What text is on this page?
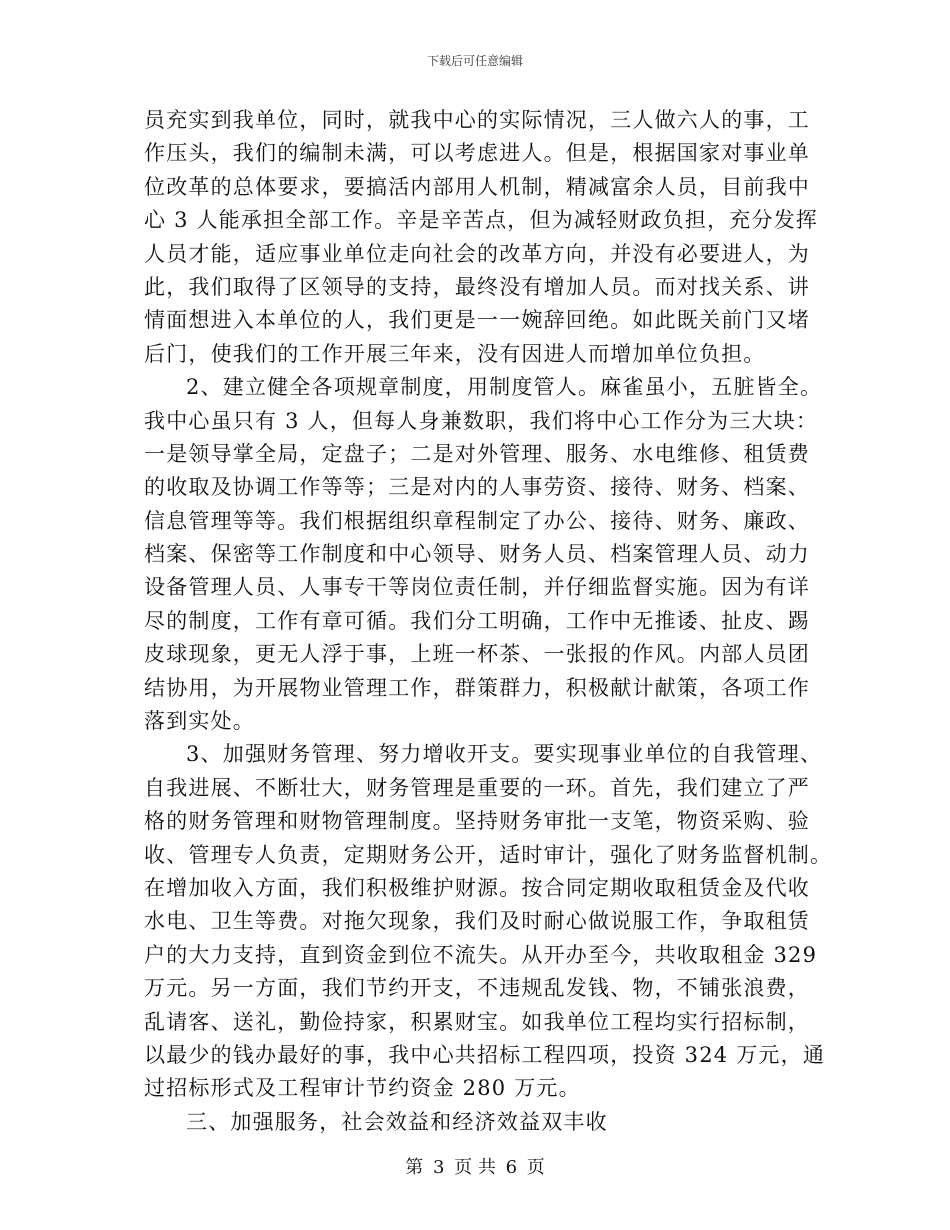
下载后可任意编辑
员充实到我单位，同时，就我中心的实际情况，三人做六人的事，工
作压头，我们的编制未满，可以考虑进人。但是，根据国家对事业单
位改革的总体要求，要搞活内部用人机制，精减富余人员，目前我中
心 3 人能承担全部工作。辛是辛苦点，但为减轻财政负担，充分发挥
人员才能，适应事业单位走向社会的改革方向，并没有必要进人，为
此，我们取得了区领导的支持，最终没有增加人员。而对找关系、讲
情面想进入本单位的人，我们更是一一婉辞回绝。如此既关前门又堵
后门，使我们的工作开展三年来，没有因进人而增加单位负担。
2、建立健全各项规章制度，用制度管人。麻雀虽小，五脏皆全。
我中心虽只有 3 人，但每人身兼数职，我们将中心工作分为三大块：
一是领导掌全局，定盘子；二是对外管理、服务、水电维修、租赁费
的收取及协调工作等等；三是对内的人事劳资、接待、财务、档案、
信息管理等等。我们根据组织章程制定了办公、接待、财务、廉政、
档案、保密等工作制度和中心领导、财务人员、档案管理人员、动力
设备管理人员、人事专干等岗位责任制，并仔细监督实施。因为有详
尽的制度，工作有章可循。我们分工明确，工作中无推诿、扯皮、踢
皮球现象，更无人浮于事，上班一杯茶、一张报的作风。内部人员团
结协用，为开展物业管理工作，群策群力，积极献计献策，各项工作
落到实处。
3、加强财务管理、努力增收开支。要实现事业单位的自我管理、
自我进展、不断壮大，财务管理是重要的一环。首先，我们建立了严
格的财务管理和财物管理制度。坚持财务审批一支笔，物资采购、验
收、管理专人负责，定期财务公开，适时审计，强化了财务监督机制。
在增加收入方面，我们积极维护财源。按合同定期收取租赁金及代收
水电、卫生等费。对拖欠现象，我们及时耐心做说服工作，争取租赁
户的大力支持，直到资金到位不流失。从开办至今，共收取租金 329
万元。另一方面，我们节约开支，不违规乱发钱、物，不铺张浪费，
乱请客、送礼，勤俭持家，积累财宝。如我单位工程均实行招标制，
以最少的钱办最好的事，我中心共招标工程四项，投资 324 万元，通
过招标形式及工程审计节约资金 280 万元。
三、加强服务，社会效益和经济效益双丰收
第 3 页 共 6 页
